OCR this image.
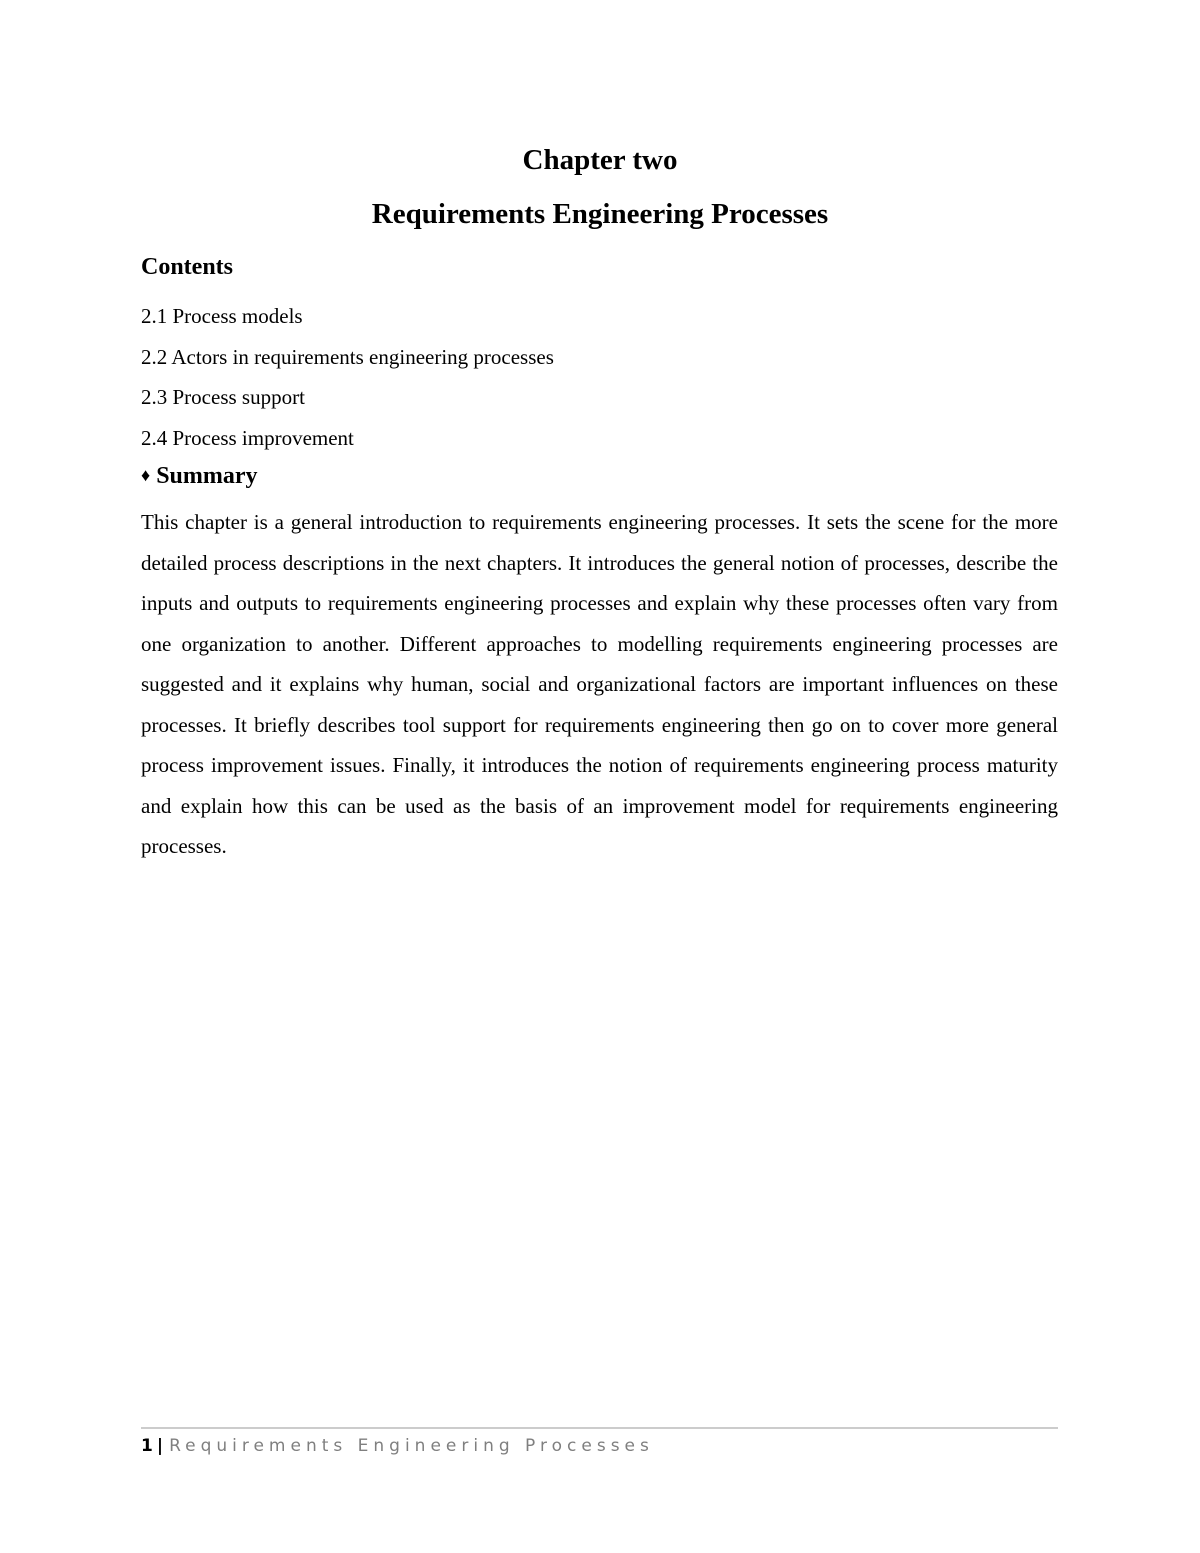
Chapter two
Requirements Engineering Processes
Contents
2.1 Process models
2.2 Actors in requirements engineering processes
2.3 Process support
2.4 Process improvement
♦ Summary

This chapter is a general introduction to requirements engineering processes. It sets the scene for the more detailed process descriptions in the next chapters. It introduces the general notion of processes, describe the inputs and outputs to requirements engineering processes and explain why these processes often vary from one organization to another. Different approaches to modelling requirements engineering processes are suggested and it explains why human, social and organizational factors are important influences on these processes. It briefly describes tool support for requirements engineering then go on to cover more general process improvement issues. Finally, it introduces the notion of requirements engineering process maturity and explain how this can be used as the basis of an improvement model for requirements engineering processes.

1 | Requirements Engineering Processes
